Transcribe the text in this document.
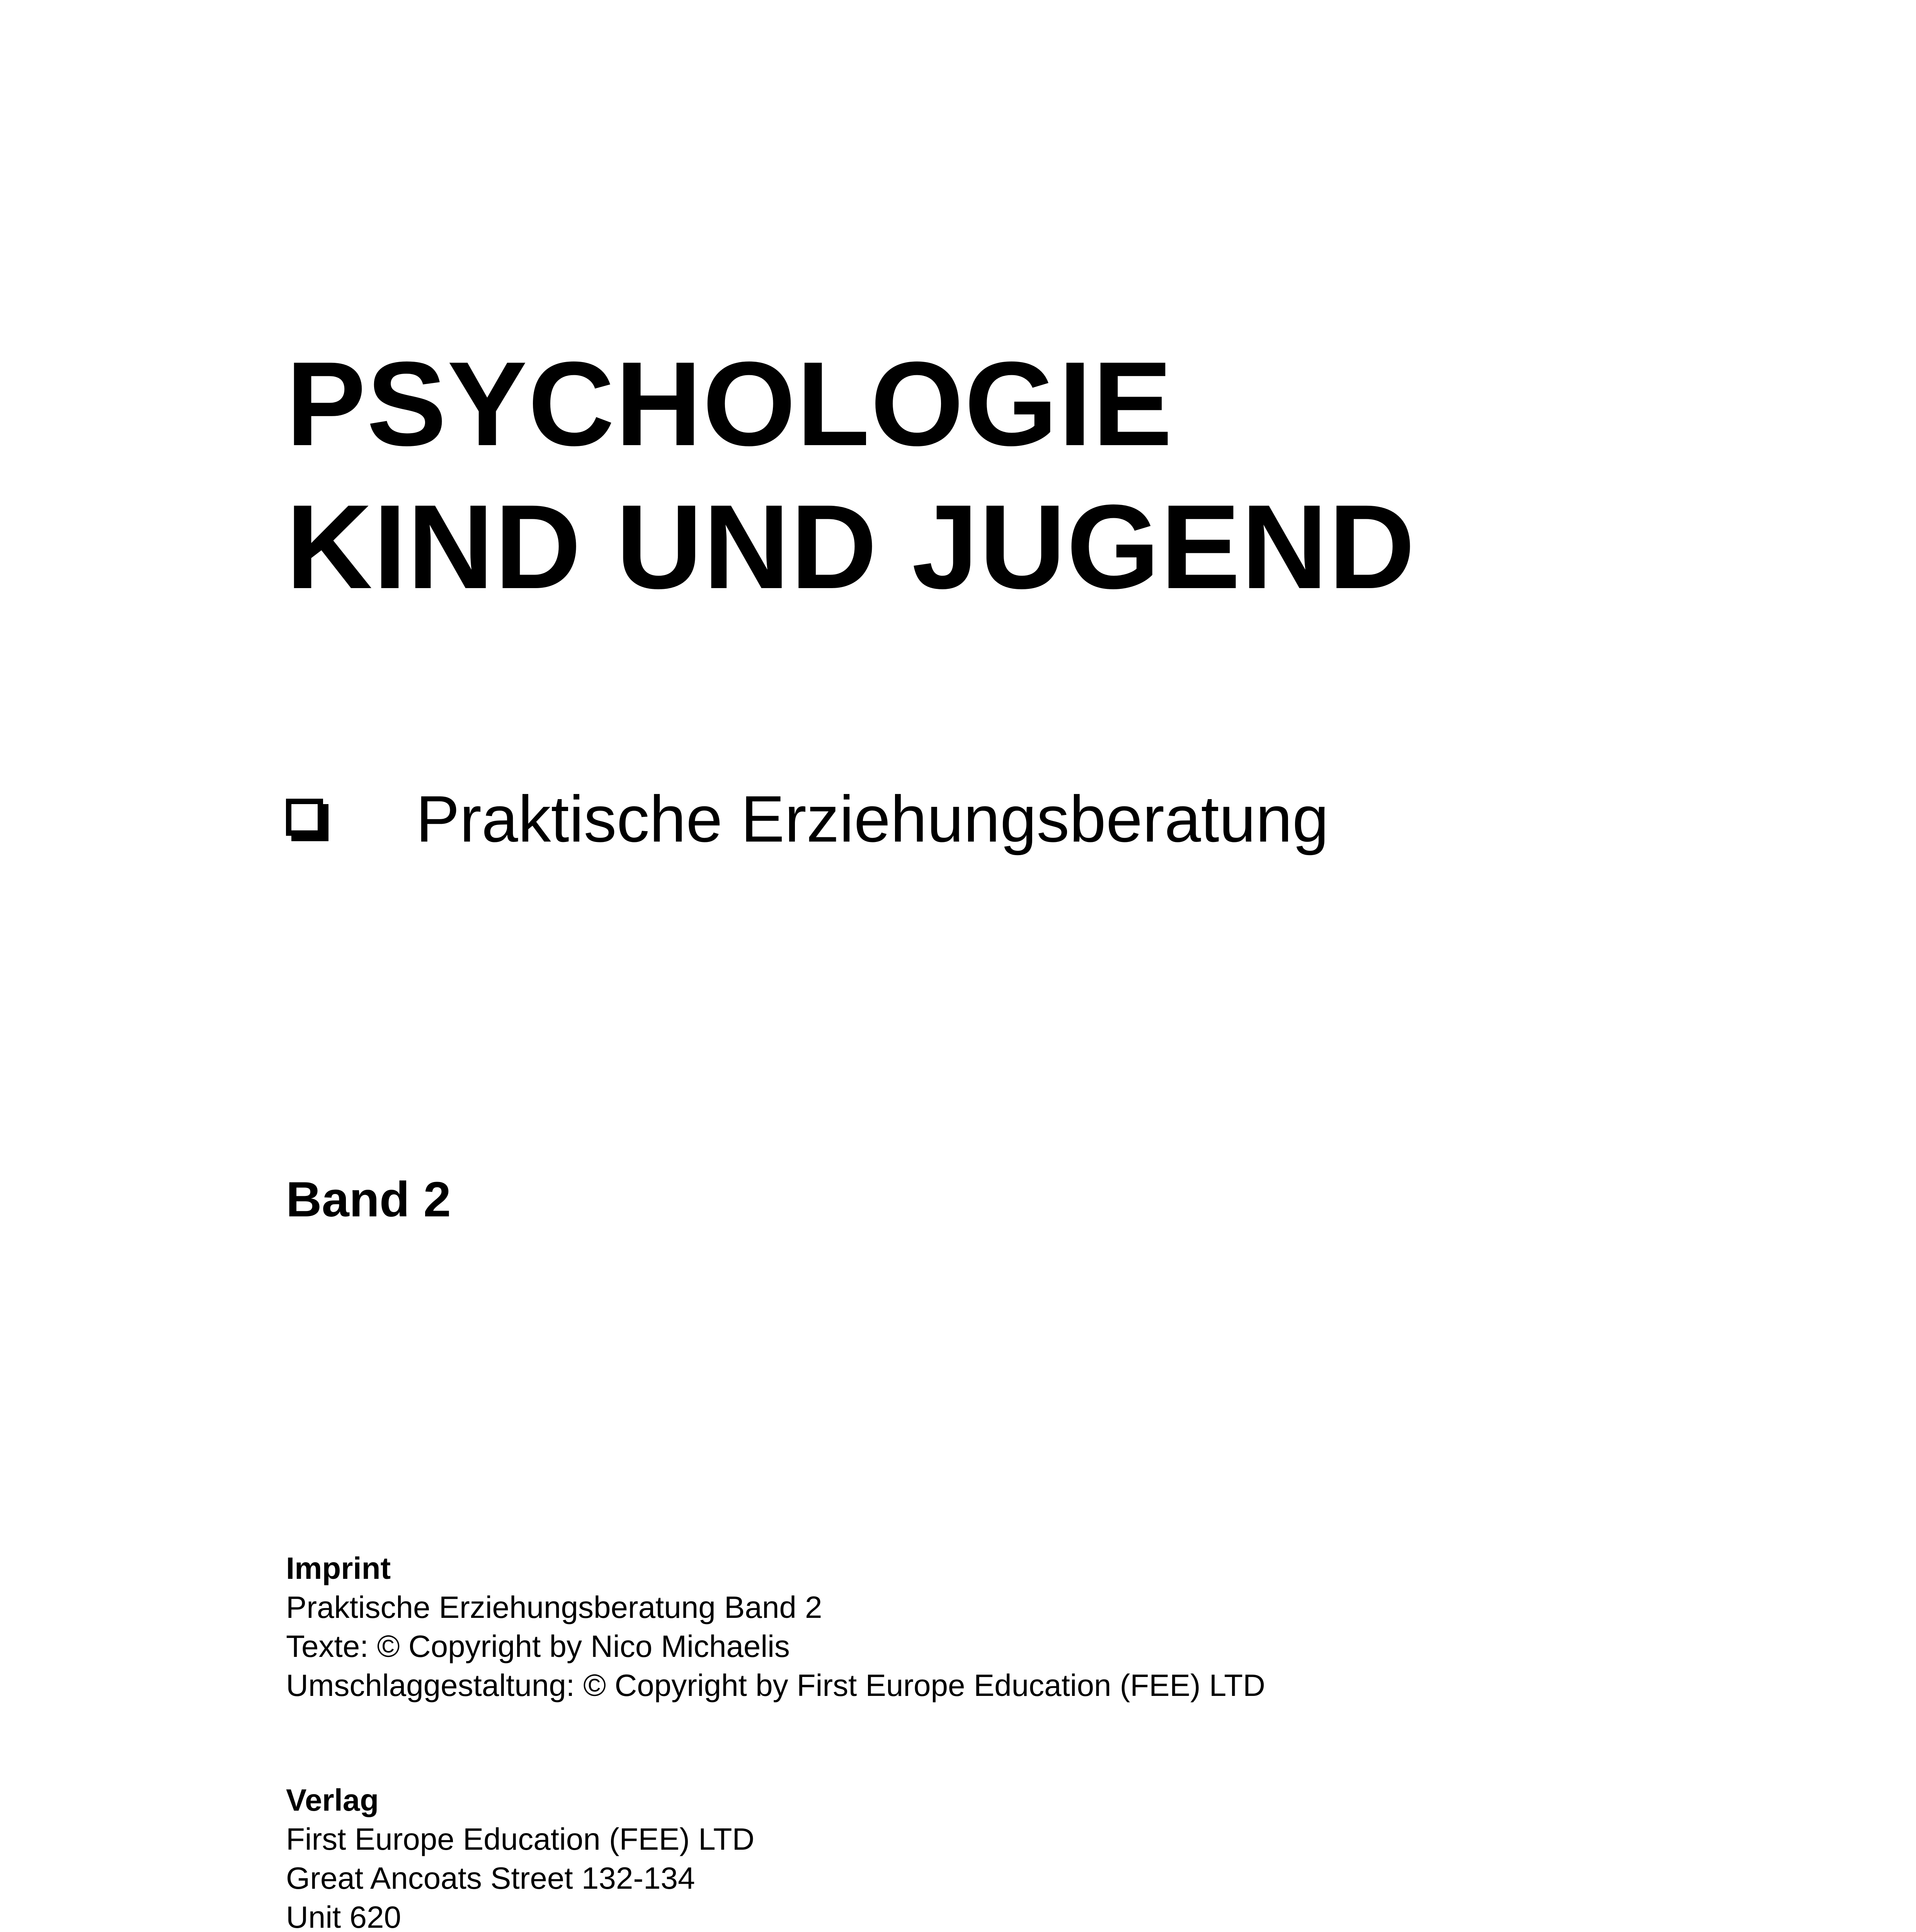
PSYCHOLOGIE
KIND UND JUGEND
Praktische Erziehungsberatung
Band 2
Imprint
Praktische Erziehungsberatung Band 2
Texte: © Copyright by Nico Michaelis
Umschlaggestaltung: © Copyright by First Europe Education (FEE) LTD
Verlag
First Europe Education (FEE) LTD
Great Ancoats Street 132-134
Unit 620
